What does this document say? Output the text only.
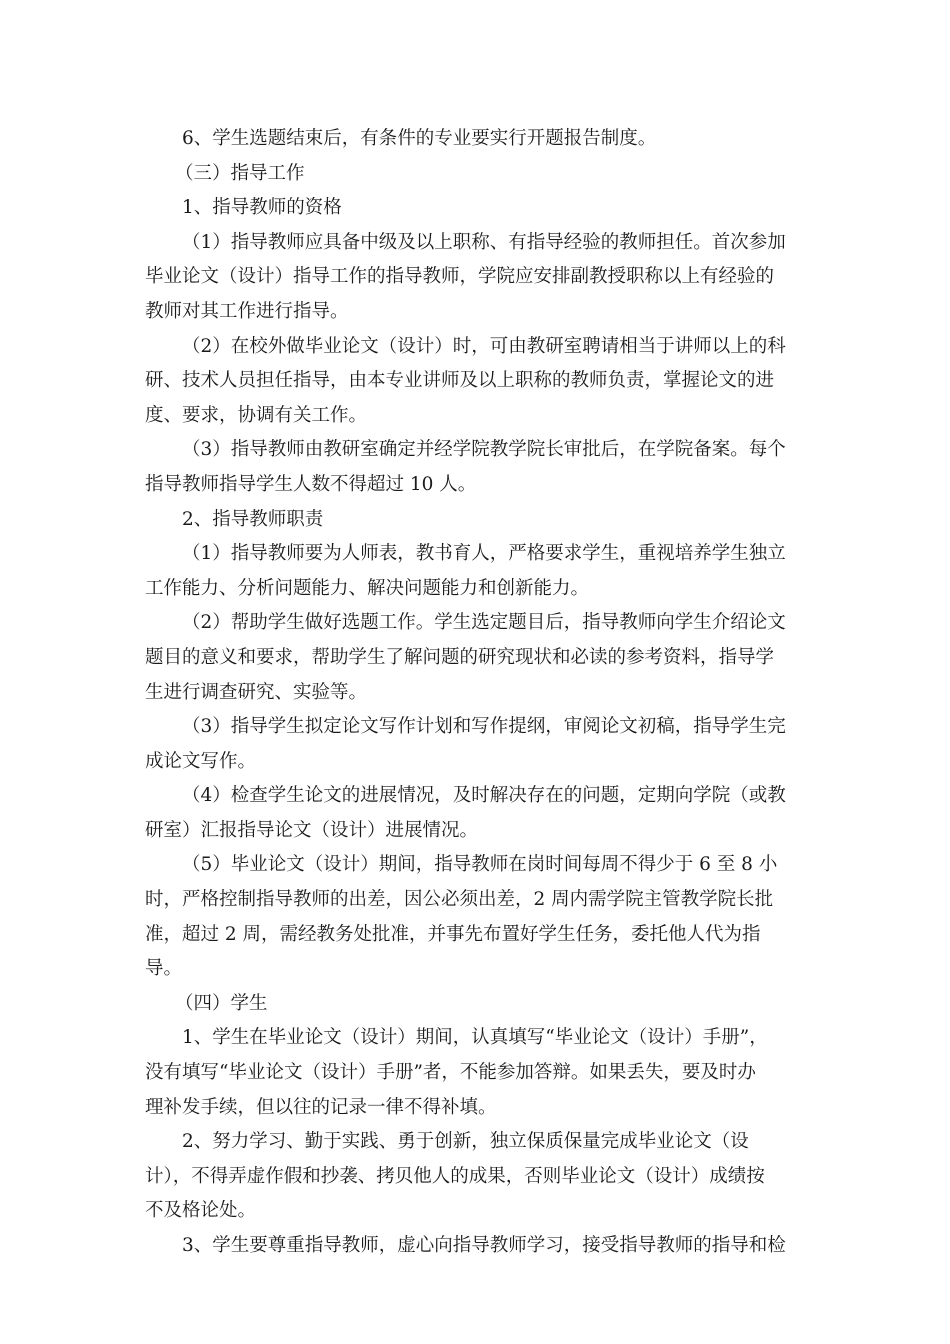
6、学生选题结束后，有条件的专业要实行开题报告制度。
（三）指导工作
1、指导教师的资格
（1）指导教师应具备中级及以上职称、有指导经验的教师担任。首次参加
毕业论文（设计）指导工作的指导教师，学院应安排副教授职称以上有经验的
教师对其工作进行指导。
（2）在校外做毕业论文（设计）时，可由教研室聘请相当于讲师以上的科
研、技术人员担任指导，由本专业讲师及以上职称的教师负责，掌握论文的进
度、要求，协调有关工作。
（3）指导教师由教研室确定并经学院教学院长审批后，在学院备案。每个
指导教师指导学生人数不得超过 10 人。
2、指导教师职责
（1）指导教师要为人师表，教书育人，严格要求学生，重视培养学生独立
工作能力、分析问题能力、解决问题能力和创新能力。
（2）帮助学生做好选题工作。学生选定题目后，指导教师向学生介绍论文
题目的意义和要求，帮助学生了解问题的研究现状和必读的参考资料，指导学
生进行调查研究、实验等。
（3）指导学生拟定论文写作计划和写作提纲，审阅论文初稿，指导学生完
成论文写作。
（4）检查学生论文的进展情况，及时解决存在的问题，定期向学院（或教
研室）汇报指导论文（设计）进展情况。
（5）毕业论文（设计）期间，指导教师在岗时间每周不得少于 6 至 8 小
时，严格控制指导教师的出差，因公必须出差，2 周内需学院主管教学院长批
准，超过 2 周，需经教务处批准，并事先布置好学生任务，委托他人代为指
导。
（四）学生
1、学生在毕业论文（设计）期间，认真填写“毕业论文（设计）手册”，
没有填写“毕业论文（设计）手册”者，不能参加答辩。如果丢失，要及时办
理补发手续，但以往的记录一律不得补填。
2、努力学习、勤于实践、勇于创新，独立保质保量完成毕业论文（设
计），不得弄虚作假和抄袭、拷贝他人的成果，否则毕业论文（设计）成绩按
不及格论处。
3、学生要尊重指导教师，虚心向指导教师学习，接受指导教师的指导和检
